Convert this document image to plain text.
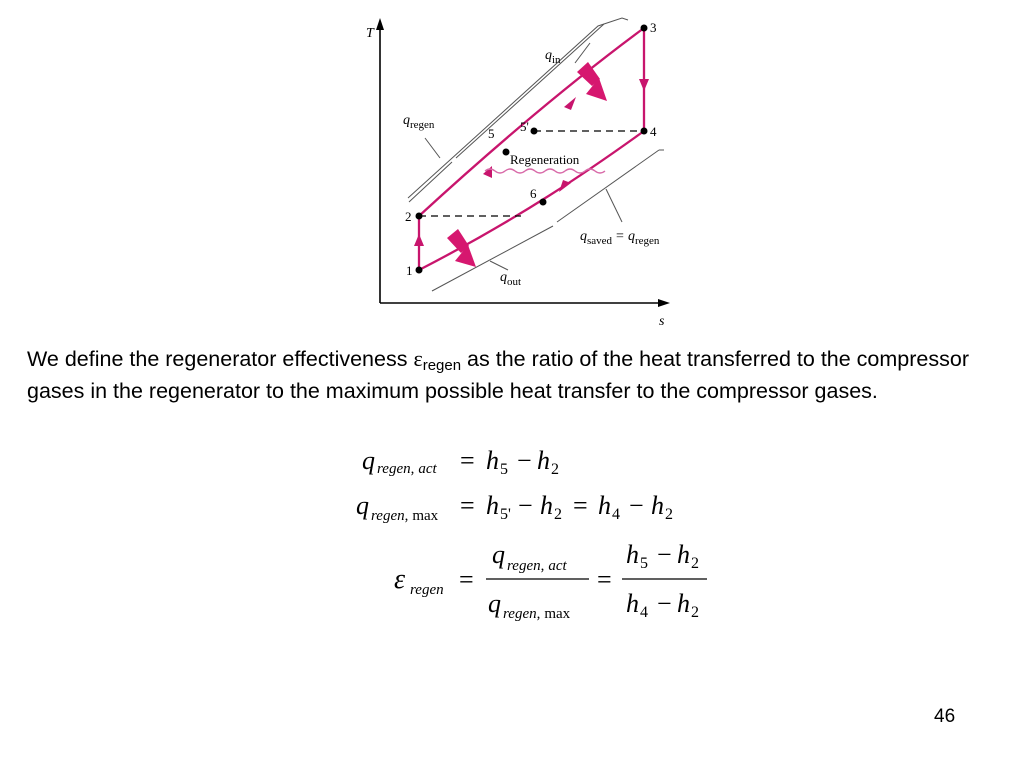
T
s
1
2
3
4
5 5'
6
Regeneration
$q_{in}$
$q_{regen}$
$q_{out}$
$q_{saved} = q_{regen}$
We define the regenerator effectiveness $\varepsilon_{regen}$ as the ratio of the heat transferred to the compressor gases in the regenerator to the maximum possible heat transfer to the compressor gases.
q regen, act = h 5 − h 2
q regen, max = h 5' − h 2 = h 4 − h 2
ε regen =
q regen, act
q regen, max
=
h 5 − h 2
h 4 − h 2
46
